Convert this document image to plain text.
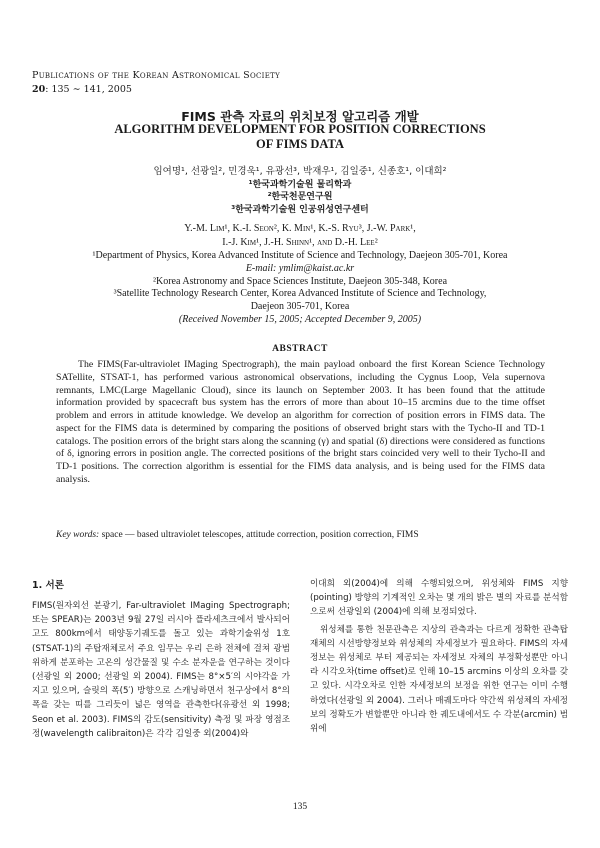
Publications of the Korean Astronomical Society
20: 135 ∼ 141, 2005
FIMS 관측 자료의 위치보정 알고리즘 개발
ALGORITHM DEVELOPMENT FOR POSITION CORRECTIONS
OF FIMS DATA
임여명¹, 선광일², 민경욱¹, 유광선³, 박재우¹, 김일중¹, 신종호¹, 이대희²
¹한국과학기술원 물리학과
²한국천문연구원
³한국과학기술원 인공위성연구센터
Y.-M. Lim¹, K.-I. Seon², K. Min¹, K.-S. Ryu³, J.-W. Park¹,
I.-J. Kim¹, J.-H. Shinn¹, and D.-H. Lee²
¹Department of Physics, Korea Advanced Institute of Science and Technology, Daejeon 305-701, Korea
E-mail: ymlim@kaist.ac.kr
²Korea Astronomy and Space Sciences Institute, Daejeon 305-348, Korea
³Satellite Technology Research Center, Korea Advanced Institute of Science and Technology,
Daejeon 305-701, Korea
(Received November 15, 2005; Accepted December 9, 2005)
ABSTRACT
The FIMS(Far-ultraviolet IMaging Spectrograph), the main payload onboard the first Korean Science Technology SATellite, STSAT-1, has performed various astronomical observations, including the Cygnus Loop, Vela supernova remnants, LMC(Large Magellanic Cloud), since its launch on September 2003. It has been found that the attitude information provided by spacecraft bus system has the errors of more than about 10–15 arcmins due to the time offset problem and errors in attitude knowledge. We develop an algorithm for correction of position errors in FIMS data. The aspect for the FIMS data is determined by comparing the positions of observed bright stars with the Tycho-II and TD-1 catalogs. The position errors of the bright stars along the scanning (γ) and spatial (δ) directions were considered as functions of δ, ignoring errors in position angle. The corrected positions of the bright stars coincided very well to their Tycho-II and TD-1 positions. The correction algorithm is essential for the FIMS data analysis, and is being used for the FIMS data analysis.
Key words: space — based ultraviolet telescopes, attitude correction, position correction, FIMS
1. 서론

FIMS(원자외선 분광기, Far-ultraviolet IMaging Spectrograph; 또는 SPEAR)는 2003년 9월 27일 러시아 플라세츠크에서 발사되어 고도 800km에서 태양동기궤도를 돌고 있는 과학기술위성 1호(STSAT-1)의 주탑재체로서 주요 임무는 우리 은하 전체에 걸쳐 광범위하게 분포하는 고온의 성간물질 및 수소 분자운을 연구하는 것이다(선광일 외 2000; 선광일 외 2004). FIMS는 8°×5′의 시야각을 가지고 있으며, 슬릿의 폭(5′) 방향으로 스캐닝하면서 천구상에서 8°의 폭을 갖는 띠를 그리듯이 넓은 영역을 관측한다(유광선 외 1998; Seon et al. 2003). FIMS의 감도(sensitivity) 측정 및 파장 영점조정(wavelength calibraiton)은 각각 김일중 외(2004)와

이대희 외(2004)에 의해 수행되었으며, 위성체와 FIMS 지향(pointing) 방향의 기계적인 오차는 몇 개의 밝은 별의 자료를 분석함으로써 선광일외 (2004)에 의해 보정되었다.

위성체를 통한 천문관측은 지상의 관측과는 다르게 정확한 관측탑재체의 시선방향정보와 위성체의 자세정보가 필요하다. FIMS의 자세정보는 위성체로 부터 제공되는 자세정보 자체의 부정확성뿐만 아니라 시각오차(time offset)로 인해 10–15 arcmins 이상의 오차를 갖고 있다. 시각오차로 인한 자세정보의 보정을 위한 연구는 이미 수행하였다(선광일 외 2004). 그러나 매궤도마다 약간씩 위성체의 자세정보의 정확도가 변할뿐만 아니라 한 궤도내에서도 수 각분(arcmin) 범위에

135
